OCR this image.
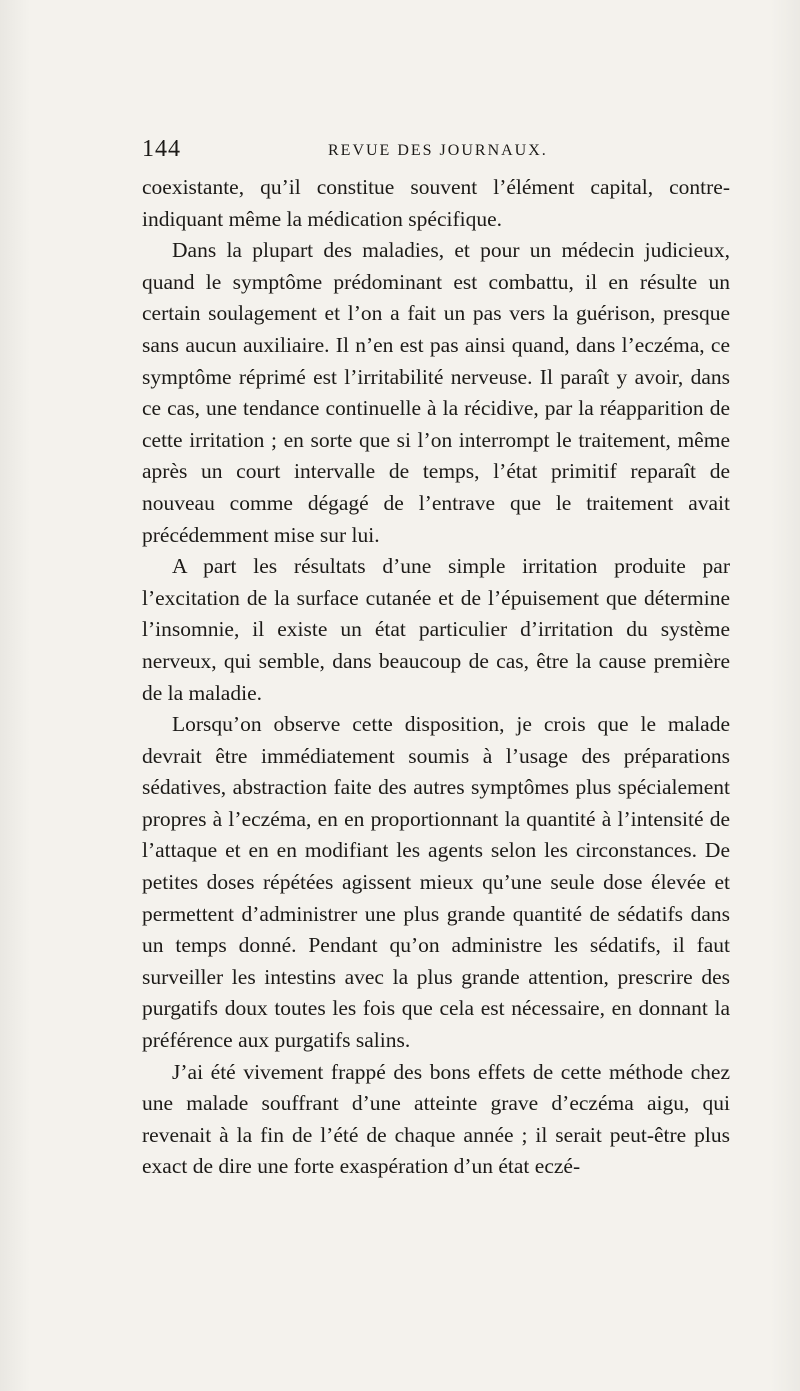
144	REVUE DES JOURNAUX.

coexistante, qu’il constitue souvent l’élément capital, contre-indiquant même la médication spécifique.

Dans la plupart des maladies, et pour un médecin judicieux, quand le symptôme prédominant est combattu, il en résulte un certain soulagement et l’on a fait un pas vers la guérison, presque sans aucun auxiliaire. Il n’en est pas ainsi quand, dans l’eczéma, ce symptôme réprimé est l’irritabilité nerveuse. Il paraît y avoir, dans ce cas, une tendance continuelle à la récidive, par la réapparition de cette irritation ; en sorte que si l’on interrompt le traitement, même après un court intervalle de temps, l’état primitif reparaît de nouveau comme dégagé de l’entrave que le traitement avait précédemment mise sur lui.

A part les résultats d’une simple irritation produite par l’excitation de la surface cutanée et de l’épuisement que détermine l’insomnie, il existe un état particulier d’irritation du système nerveux, qui semble, dans beaucoup de cas, être la cause première de la maladie.

Lorsqu’on observe cette disposition, je crois que le malade devrait être immédiatement soumis à l’usage des préparations sédatives, abstraction faite des autres symptômes plus spécialement propres à l’eczéma, en en proportionnant la quantité à l’intensité de l’attaque et en en modifiant les agents selon les circonstances. De petites doses répétées agissent mieux qu’une seule dose élevée et permettent d’administrer une plus grande quantité de sédatifs dans un temps donné. Pendant qu’on administre les sédatifs, il faut surveiller les intestins avec la plus grande attention, prescrire des purgatifs doux toutes les fois que cela est nécessaire, en donnant la préférence aux purgatifs salins.

J’ai été vivement frappé des bons effets de cette méthode chez une malade souffrant d’une atteinte grave d’eczéma aigu, qui revenait à la fin de l’été de chaque année ; il serait peut-être plus exact de dire une forte exaspération d’un état eczé-
